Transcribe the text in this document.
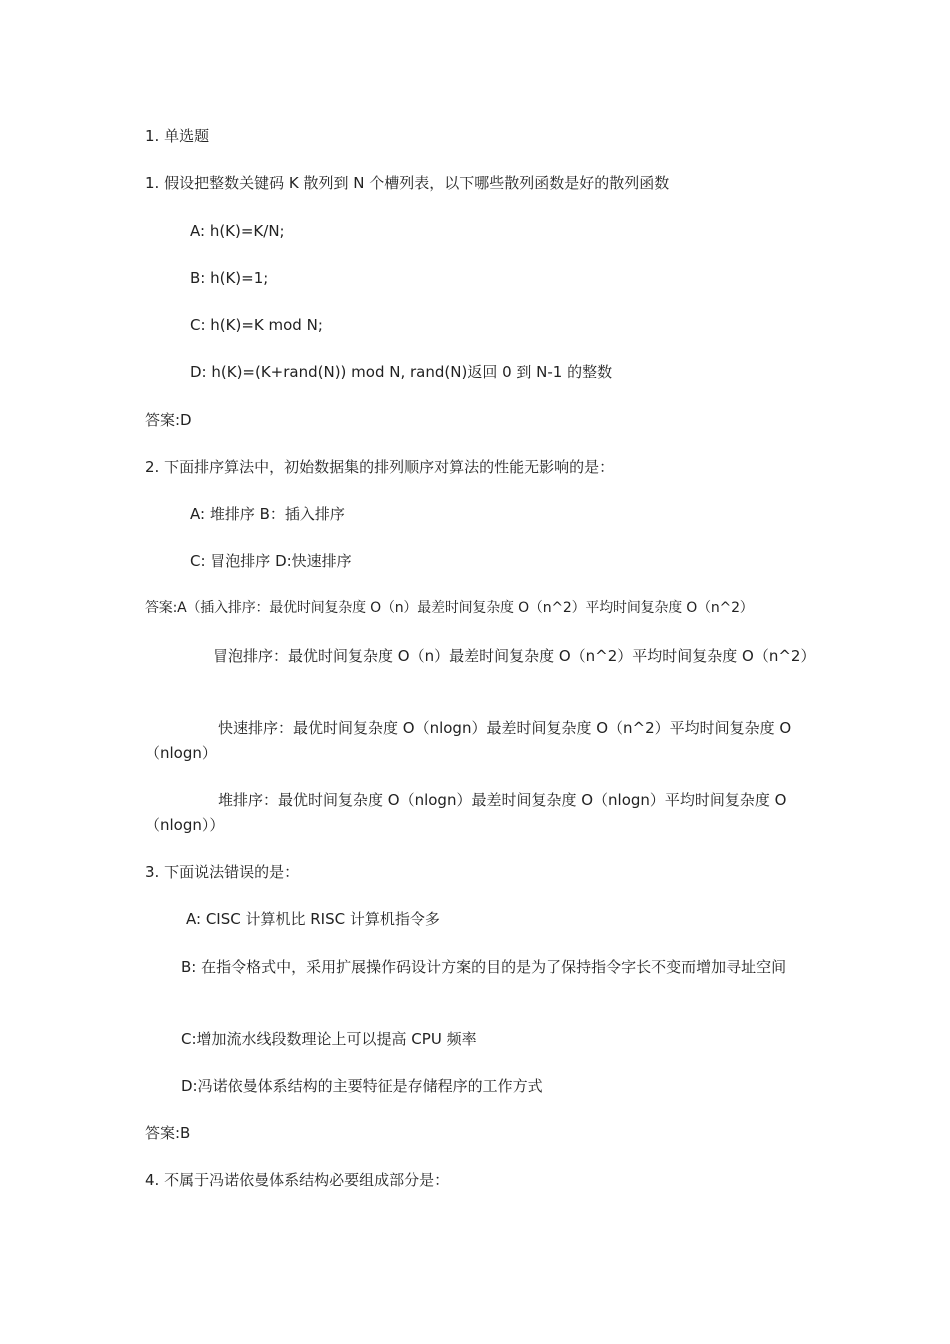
1. 单选题

1. 假设把整数关键码 K 散列到 N 个槽列表，以下哪些散列函数是好的散列函数

A: h(K)=K/N;

B: h(K)=1;

C: h(K)=K mod N;

D: h(K)=(K+rand(N)) mod N, rand(N)返回 0 到 N-1 的整数

答案:D

2. 下面排序算法中，初始数据集的排列顺序对算法的性能无影响的是：

A: 堆排序 B：插入排序

C: 冒泡排序 D:快速排序

答案:A（插入排序：最优时间复杂度 O（n）最差时间复杂度 O（n^2）平均时间复杂度 O（n^2）

冒泡排序：最优时间复杂度 O（n）最差时间复杂度 O（n^2）平均时间复杂度 O（n^2）

快速排序：最优时间复杂度 O（nlogn）最差时间复杂度 O（n^2）平均时间复杂度 O（nlogn）

堆排序：最优时间复杂度 O（nlogn）最差时间复杂度 O（nlogn）平均时间复杂度 O（nlogn））

3. 下面说法错误的是：

A: CISC 计算机比 RISC 计算机指令多

B: 在指令格式中，采用扩展操作码设计方案的目的是为了保持指令字长不变而增加寻址空间

C:增加流水线段数理论上可以提高 CPU 频率

D:冯诺依曼体系结构的主要特征是存储程序的工作方式

答案:B

4. 不属于冯诺依曼体系结构必要组成部分是：
